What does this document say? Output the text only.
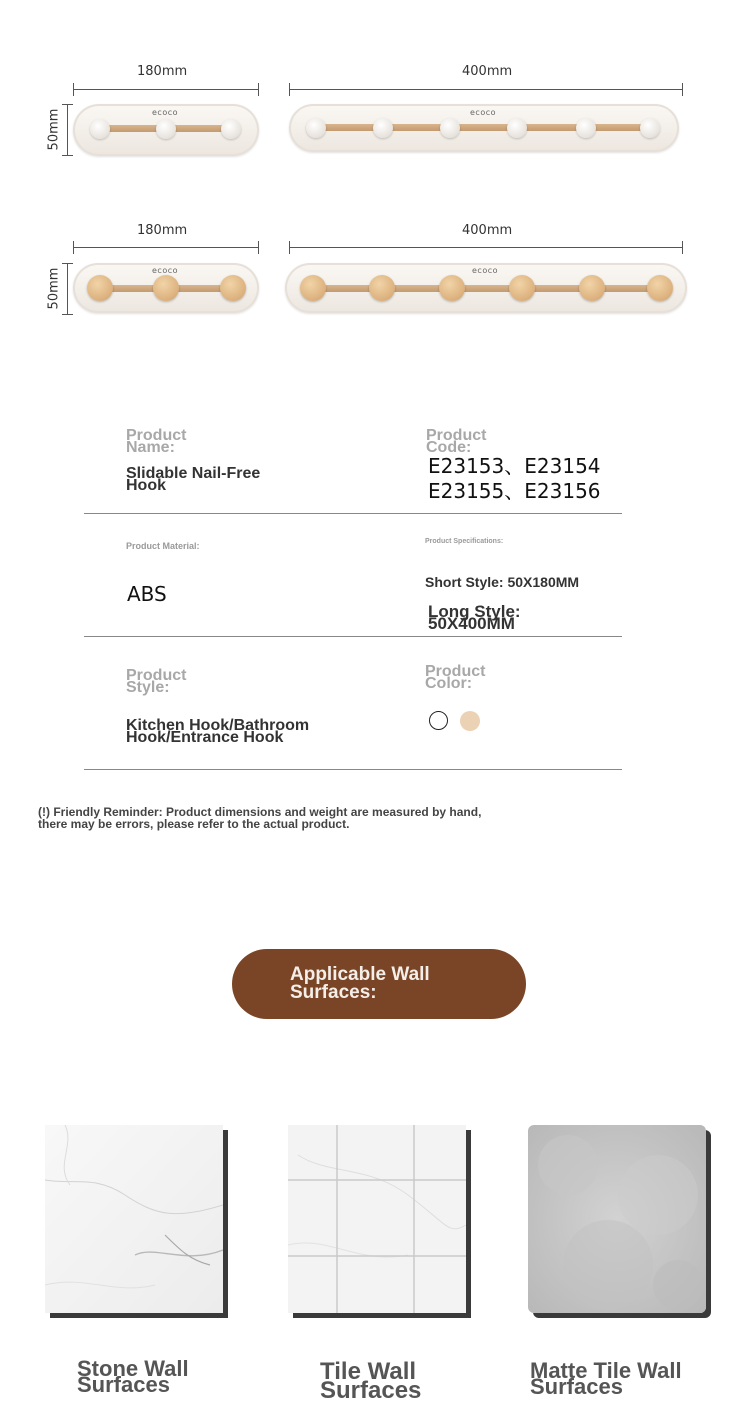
180mm	400mm
50mm	ecoco	ecoco
180mm	400mm
50mm	ecoco	ecoco
Product Name:
Slidable Nail-Free Hook
Product Code:
E23153、E23154
E23155、E23156
Product Material:
ABS
Product Specifications:
Short Style: 50X180MM
Long Style: 50X400MM
Product Style:
Kitchen Hook/Bathroom Hook/Entrance Hook
Product Color:
(!) Friendly Reminder: Product dimensions and weight are measured by hand, there may be errors, please refer to the actual product.
Applicable Wall Surfaces:
Stone Wall Surfaces	Tile Wall Surfaces
Matte Tile Wall Surfaces
